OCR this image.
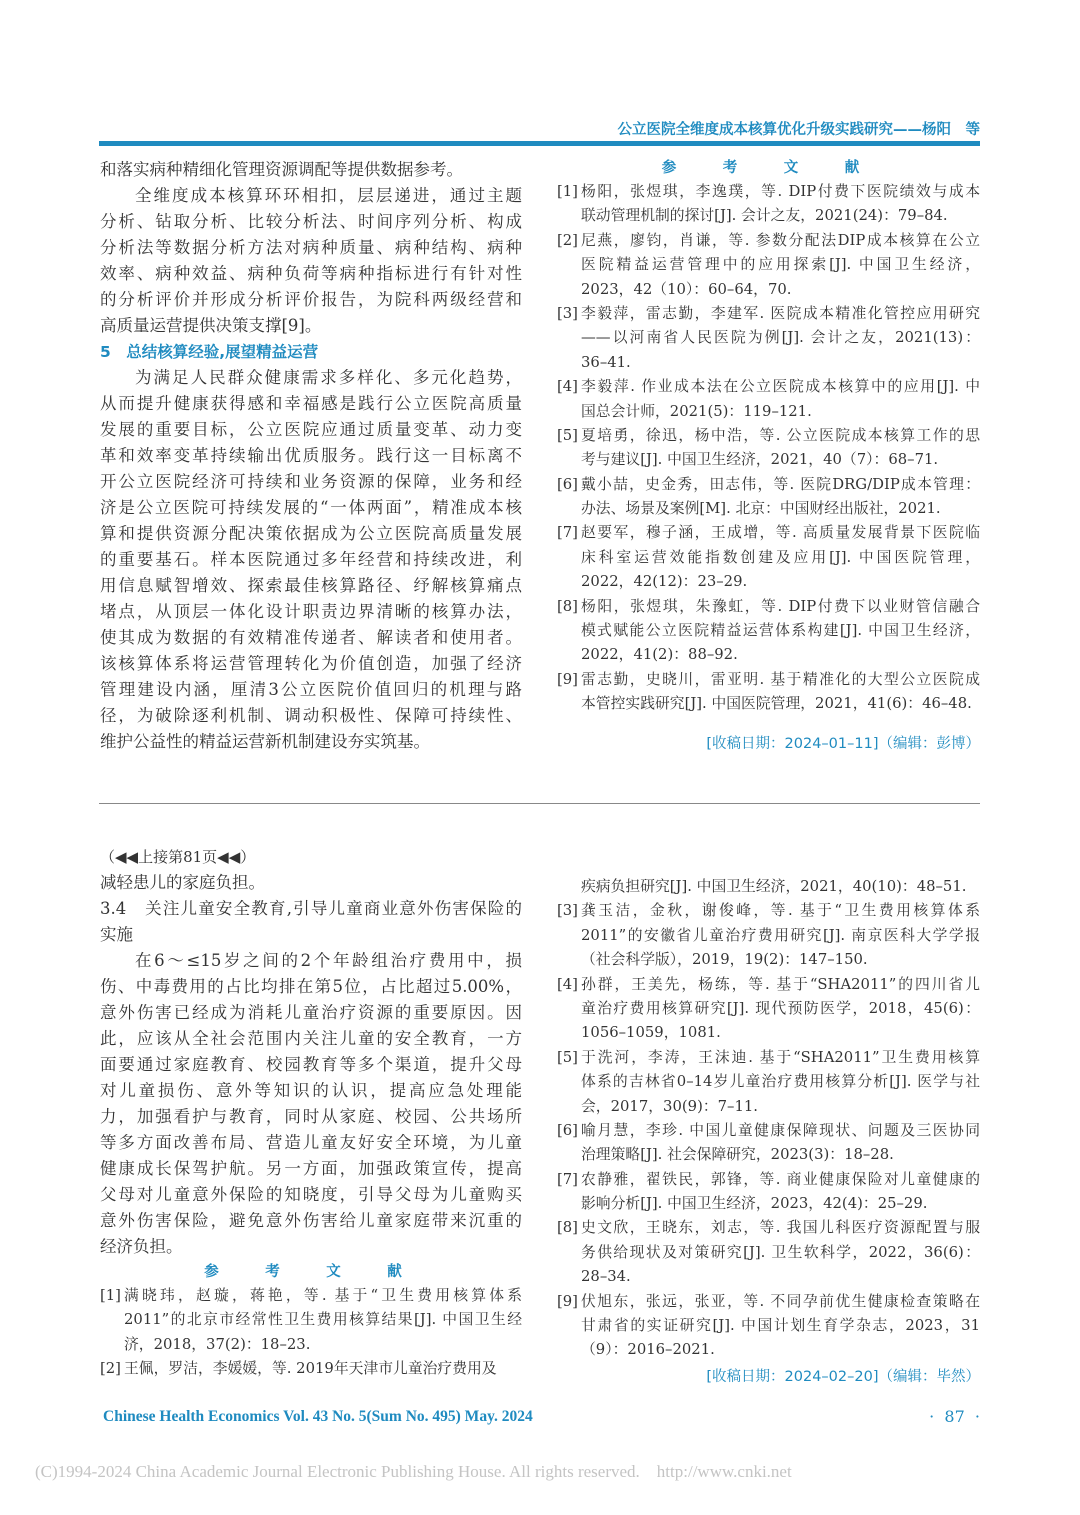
公立医院全维度成本核算优化升级实践研究——杨阳　等
和落实病种精细化管理资源调配等提供数据参考。
全维度成本核算环环相扣，层层递进，通过主题
分析、钻取分析、比较分析法、时间序列分析、构成
分析法等数据分析方法对病种质量、病种结构、病种
效率、病种效益、病种负荷等病种指标进行有针对性
的分析评价并形成分析评价报告，为院科两级经营和
高质量运营提供决策支撑[9]。
5　总结核算经验,展望精益运营
为满足人民群众健康需求多样化、多元化趋势，
从而提升健康获得感和幸福感是践行公立医院高质量
发展的重要目标，公立医院应通过质量变革、动力变
革和效率变革持续输出优质服务。践行这一目标离不
开公立医院经济可持续和业务资源的保障，业务和经
济是公立医院可持续发展的“一体两面”，精准成本核
算和提供资源分配决策依据成为公立医院高质量发展
的重要基石。样本医院通过多年经营和持续改进，利
用信息赋智增效、探索最佳核算路径、纾解核算痛点
堵点，从顶层一体化设计职责边界清晰的核算办法，
使其成为数据的有效精准传递者、解读者和使用者。
该核算体系将运营管理转化为价值创造，加强了经济
管理建设内涵，厘清3公立医院价值回归的机理与路
径，为破除逐利机制、调动积极性、保障可持续性、
维护公益性的精益运营新机制建设夯实筑基。
参　考　文　献
[1] 杨阳，张煜琪，李逸璞，等. DIP付费下医院绩效与成本
联动管理机制的探讨[J]. 会计之友，2021(24)：79–84.
[2] 尼燕，廖钧，肖谦，等. 参数分配法DIP成本核算在公立
医院精益运营管理中的应用探索[J]. 中国卫生经济，
2023，42（10）：60–64，70.
[3] 李毅萍，雷志勤，李建军. 医院成本精准化管控应用研究
——以河南省人民医院为例[J]. 会计之友，2021(13)：
36–41.
[4] 李毅萍. 作业成本法在公立医院成本核算中的应用[J]. 中
国总会计师，2021(5)：119–121.
[5] 夏培勇，徐迅，杨中浩，等. 公立医院成本核算工作的思
考与建议[J]. 中国卫生经济，2021，40（7）：68–71.
[6] 戴小喆，史金秀，田志伟，等. 医院DRG/DIP成本管理：
办法、场景及案例[M]. 北京：中国财经出版社，2021.
[7] 赵要军，穆子涵，王成增，等. 高质量发展背景下医院临
床科室运营效能指数创建及应用[J]. 中国医院管理，
2022，42(12)：23–29.
[8] 杨阳，张煜琪，朱豫虹，等. DIP付费下以业财管信融合
模式赋能公立医院精益运营体系构建[J]. 中国卫生经济，
2022，41(2)：88–92.
[9] 雷志勤，史晓川，雷亚明. 基于精准化的大型公立医院成
本管控实践研究[J]. 中国医院管理，2021，41(6)：46–48.
[收稿日期：2024–01–11]（编辑：彭博）
（◀◀上接第81页◀◀）
减轻患儿的家庭负担。
3.4　关注儿童安全教育,引导儿童商业意外伤害保险的
实施
在6～≤15岁之间的2个年龄组治疗费用中，损
伤、中毒费用的占比均排在第5位，占比超过5.00%，
意外伤害已经成为消耗儿童治疗资源的重要原因。因
此，应该从全社会范围内关注儿童的安全教育，一方
面要通过家庭教育、校园教育等多个渠道，提升父母
对儿童损伤、意外等知识的认识，提高应急处理能
力，加强看护与教育，同时从家庭、校园、公共场所
等多方面改善布局、营造儿童友好安全环境，为儿童
健康成长保驾护航。另一方面，加强政策宣传，提高
父母对儿童意外保险的知晓度，引导父母为儿童购买
意外伤害保险，避免意外伤害给儿童家庭带来沉重的
经济负担。
参　考　文　献
[1] 满晓玮，赵璇，蒋艳，等. 基于“卫生费用核算体系
2011”的北京市经常性卫生费用核算结果[J]. 中国卫生经
济，2018，37(2)：18–23.
[2] 王佩，罗洁，李媛媛，等. 2019年天津市儿童治疗费用及
疾病负担研究[J]. 中国卫生经济，2021，40(10)：48–51.
[3] 龚玉洁，金秋，谢俊峰，等. 基于“卫生费用核算体系
2011”的安徽省儿童治疗费用研究[J]. 南京医科大学学报
（社会科学版），2019，19(2)：147–150.
[4] 孙群，王美先，杨练，等. 基于“SHA2011”的四川省儿
童治疗费用核算研究[J]. 现代预防医学，2018，45(6)：
1056–1059，1081.
[5] 于洗河，李涛，王沫迪. 基于“SHA2011”卫生费用核算
体系的吉林省0–14岁儿童治疗费用核算分析[J]. 医学与社
会，2017，30(9)：7–11.
[6] 喻月慧，李珍. 中国儿童健康保障现状、问题及三医协同
治理策略[J]. 社会保障研究，2023(3)：18–28.
[7] 农静雅，翟铁民，郭锋，等. 商业健康保险对儿童健康的
影响分析[J]. 中国卫生经济，2023，42(4)：25–29.
[8] 史文欣，王晓东，刘志，等. 我国儿科医疗资源配置与服
务供给现状及对策研究[J]. 卫生软科学，2022，36(6)：
28–34.
[9] 伏旭东，张远，张亚，等. 不同孕前优生健康检查策略在
甘肃省的实证研究[J]. 中国计划生育学杂志，2023，31
（9）：2016–2021.
[收稿日期：2024–02–20]（编辑：毕然）
Chinese Health Economics Vol. 43 No. 5(Sum No. 495) May. 2024	·  87  ·
(C)1994-2024 China Academic Journal Electronic Publishing House. All rights reserved.    http://www.cnki.net
